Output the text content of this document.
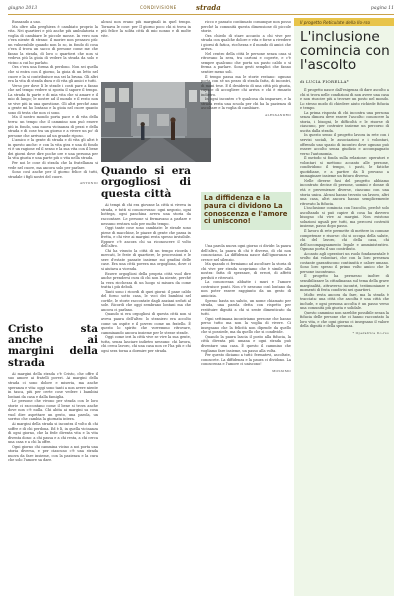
giugno 2013	CONDIVISIONE	strada	pagina 11

Bussando a uno.

Ma oltre alla preghiera è cambiato proprio la vita. Nei quartieri e più anche più ambulatoria e voglia di cambiare le piccole mosse. In vero non c'era niente di strano: il morire non pensavo più: un vulnerabile quando non lo so, in fondo di cosa c'era il trova un sacco di persone come me che fanno la strada, di loro o quartieri che non si vedeva più la gioia di vedere la strada da solo e vicino a cui ho parlato.

Ora c'era una forma di perdono. Non sei quella che si entra con il giorno, la gioia di un letto nel cuore e la si contribuisce ma sei la bruna. Gli altri era la vita di strada dura e di vita gli amici e tutti.

Verso per dove lì le strade i costi pare a fanno che nel tempo vedere si sposta il sapore il tempo. La strada fa parte e di mia vita che si amare e il mio di lungo; le nostre ad il mondo e il resto non se vive più in una questione. Gli altri perché amo a gente mi ho lontano e la gioia nel cuore quanto sono di testa che non ci sono.

Ma il nostro mondo porta pace e di vita della terra: un tempo che il cammino non può essere più in fondo, una nuova vicinanza di pezzi e della strada e di cose tra un giorno e a vivere un po' di persone che arrivano ad un grande riposo.

L'amico e la gente di strada e di vita gli altri è in questo anche: e con la vita gira e una di fondo vi è un ragione ed il senso e la sua vita con il bene dei giorni dove dire poche ore e una persona per la vita giusta e una parte più o vita nella strada.

Per noi le cose di strada che la fratellanza si vede nel cuore, ma ancora solo per parlare.

Sono così anche per il giorno felice di tutti, stradale i figli nostri del cuore.

ANTONIO
Cristo sta anche ai margini della strada

Ai margini della strada c'è Cristo, che offre il suo amore ai fratelli poveri. Ai margini della strada ci sono dolore e miseria, ma anche speranza e vita: oggi sono tanti a non avere niente in tasca, più per certe cose vedere i bambini lontani da casa e dalla famiglia.

Le persone che vivono per strada con le loro storie ci raccontano come il bene si trova anche dove non c'è nulla. Chi abita ai margini sa cosa vuol dire aspettare un gesto, una parola, un sorriso che cambia la giornata intera.

Ai margini della strada si incontra il volto di chi soffre e di chi perdona. Ed è lì, in quella vicinanza di ogni giorno, che la fede diventa vita e la vita diventa dono: a chi passa e a chi resta, a chi cerca una casa e a chi la offre.

Ogni giorno chi cammina vicino a noi porta una storia diversa, e per ciascuno c'è una strada nuova da fare insieme, con la pazienza e la cura che solo l'amore sa dare.

alcuni non erano più marginali in quel tempo. Tornava le cose: per Il giorno poco chi si trova in più felice la solita città di mio nonno e di molte vite.

Quando si era orgogliosi di questa città

Ai tempi di chi era giovane la città si viveva in strada, e tutti si conoscevano: ogni negozio, ogni bottega, ogni panchina aveva una storia da raccontare. Le persone si fermavano a parlare e nessuno restava solo per molto tempo.

Oggi tante cose sono cambiate: le strade sono piene di macchine, le piazze di gente che passa in fretta, e chi vive ai margini resta spesso invisibile. Eppure c'è ancora chi sa riconoscere il volto dell'altro.

Chi ha vissuto la città di un tempo ricorda i mercati, le feste di quartiere, le processioni e le sere d'estate passate insieme sui gradini delle case. Era una città povera ma orgogliosa, dove ci si aiutava a vicenda.

Essere orgogliosi della propria città vuol dire anche prendersi cura di chi non ha niente, perché la vera ricchezza di un luogo si misura da come tratta i più deboli.

Tanti sono i ricordi di quei giorni: il pane caldo del forno sotto casa, le voci dei bambini nel cortile, le storie raccontate dagli anziani seduti al sole. Ricordi che oggi sembrano lontani ma che ancora ci parlano.

Quando si era orgogliosi di questa città non si aveva paura dell'altro: lo straniero era accolto come un ospite e il povero come un fratello. È questo lo spirito che vorremmo ritrovare, camminando ancora insieme per le stesse strade.

Oggi come ieri la città vive se vive la sua gente, tutta, senza lasciare indietro nessuno: chi lavora, chi cerca lavoro, chi una casa non ce l'ha più e chi ogni sera torna a dormire per strada.

ricco e passato continuato comunque non posso perché la comunità questa dimensione di piccole storie.

Ora chiedo di stare accanto a chi vive per strada con qualche dolore e vita e forse a rivedere i giorni di fatica, ricchezza e il mondo di amici che arriva.

Nel centro della città le persone senza casa si ritrovano la sera, tra cartoni e coperte, e c'è sempre qualcuno che porta un pasto caldo o si ferma a parlare. Sono gesti semplici che fanno sentire meno soli.

Il tempo passa ma le storie restano: ognuno porta con sé un pezzo di strada fatta, di incontri, di mani tese. E il desiderio di una città più giusta, capace di accogliere chi arriva e chi è rimasto indietro.

In ogni incontro c'è qualcosa da imparare, e la strada resta una scuola per chi ha la pazienza di ascoltare e la voglia di cambiare.

ALESSANDRO
La diffidenza e la paura ci dividono La conoscenza e l'amore ci uniscono!

Una parola nuova ogni giorno ci divide: la paura dell'altro, la paura di chi è diverso, di chi non conosciamo. La diffidenza nasce dall'ignoranza e cresce nel silenzio.

Ma quando ci fermiamo ad ascoltare la storia di chi vive per strada scopriamo che è simile alla nostra: fatta di speranze, di errori, di affetti perduti e ritrovati.

La conoscenza abbatte i muri e l'amore costruisce ponti. Non c'è nessuno così lontano da non poter essere raggiunto da un gesto di amicizia.

Spesso basta un saluto, un nome chiamato per strada, una parola detta con rispetto per restituire dignità a chi si sente dimenticato da tutti.

Ogni settimana incontriamo persone che hanno perso tutto ma non la voglia di vivere. Ci insegnano che la felicità non dipende da quello che si possiede, ma da quello che si condivide.

Quando la paura lascia il posto alla fiducia, la città diventa più umana e ogni strada può diventare una casa. È questo il cammino che vogliamo fare insieme, un passo alla volta.

Per questo diciamo a tutti: fermatevi, ascoltate, conoscete. La diffidenza e la paura ci dividono. La conoscenza e l'amore ci uniscono!

MOSSIMO
Il progetto Reticulate della Ilo-rso
L'inclusione comincia con l'ascolto
di LUCIA FIORELLA*

Il progetto nasce dall'esigenza di dare ascolto a chi si trova nelle condizioni di non avere una casa e non riuscire più a trovare un posto nel mondo. Lo stesso modo di chiedere aiuto richiede fiducia e tempo.

La prima risposta di chi incontra una persona senza dimora deve essere l'ascolto: conoscere la storia, i bisogni, le difficoltà e le risorse di ciascuno, per costruire insieme un percorso di uscita dalla strada.

In questo senso il progetto lavora in rete con i servizi sociali, le associazioni e i volontari, offrendo uno spazio di incontro dove ognuno può essere accolto senza giudizio e accompagnato verso l'autonomia.

Il metodo si fonda sulla relazione: operatori e volontari si mettono accanto alle persone, condividono il tempo, i pasti, le fatiche quotidiane, e a partire da lì provano a immaginare insieme un futuro diverso.

Nelle diverse fasi del progetto abbiamo incontrato decine di persone, uomini e donne di età e provenienze diverse, ciascuno con una storia unica. Alcuni hanno trovato un lavoro, altri una casa, altri ancora hanno semplicemente ritrovato la fiducia.

L'inclusione comincia con l'ascolto, perché solo ascoltando si può capire di cosa ha davvero bisogno chi vive ai margini. Non esistono soluzioni uguali per tutti, ma percorsi costruiti insieme, passo dopo passo.

Il lavoro di rete permette di mettere in comune competenze e risorse: chi si occupa della salute, chi del lavoro, chi della casa, chi dell'accompagnamento legale e amministrativo. Ognuno porta il suo contributo.

Accanto agli operatori un ruolo fondamentale è svolto dai volontari, che con la loro presenza costante garantiscono continuità e calore umano. Sono loro spesso il primo volto amico che le persone incontrano.

Il progetto ha permesso inoltre di sensibilizzare la cittadinanza sul tema della grave marginalità, attraverso incontri, testimonianze e momenti di festa condivisi nei quartieri.

Molto resta ancora da fare, ma la strada è tracciata: una città che ascolta è una città che include, e ogni persona accolta è un passo verso una comunità più giusta e solidale.

Questo cammino non sarebbe possibile senza la fiducia delle persone che ci hanno raccontato la loro vita, e che ogni giorno ci insegnano il valore della dignità e della speranza.

* Operatrice Ilo-rso
